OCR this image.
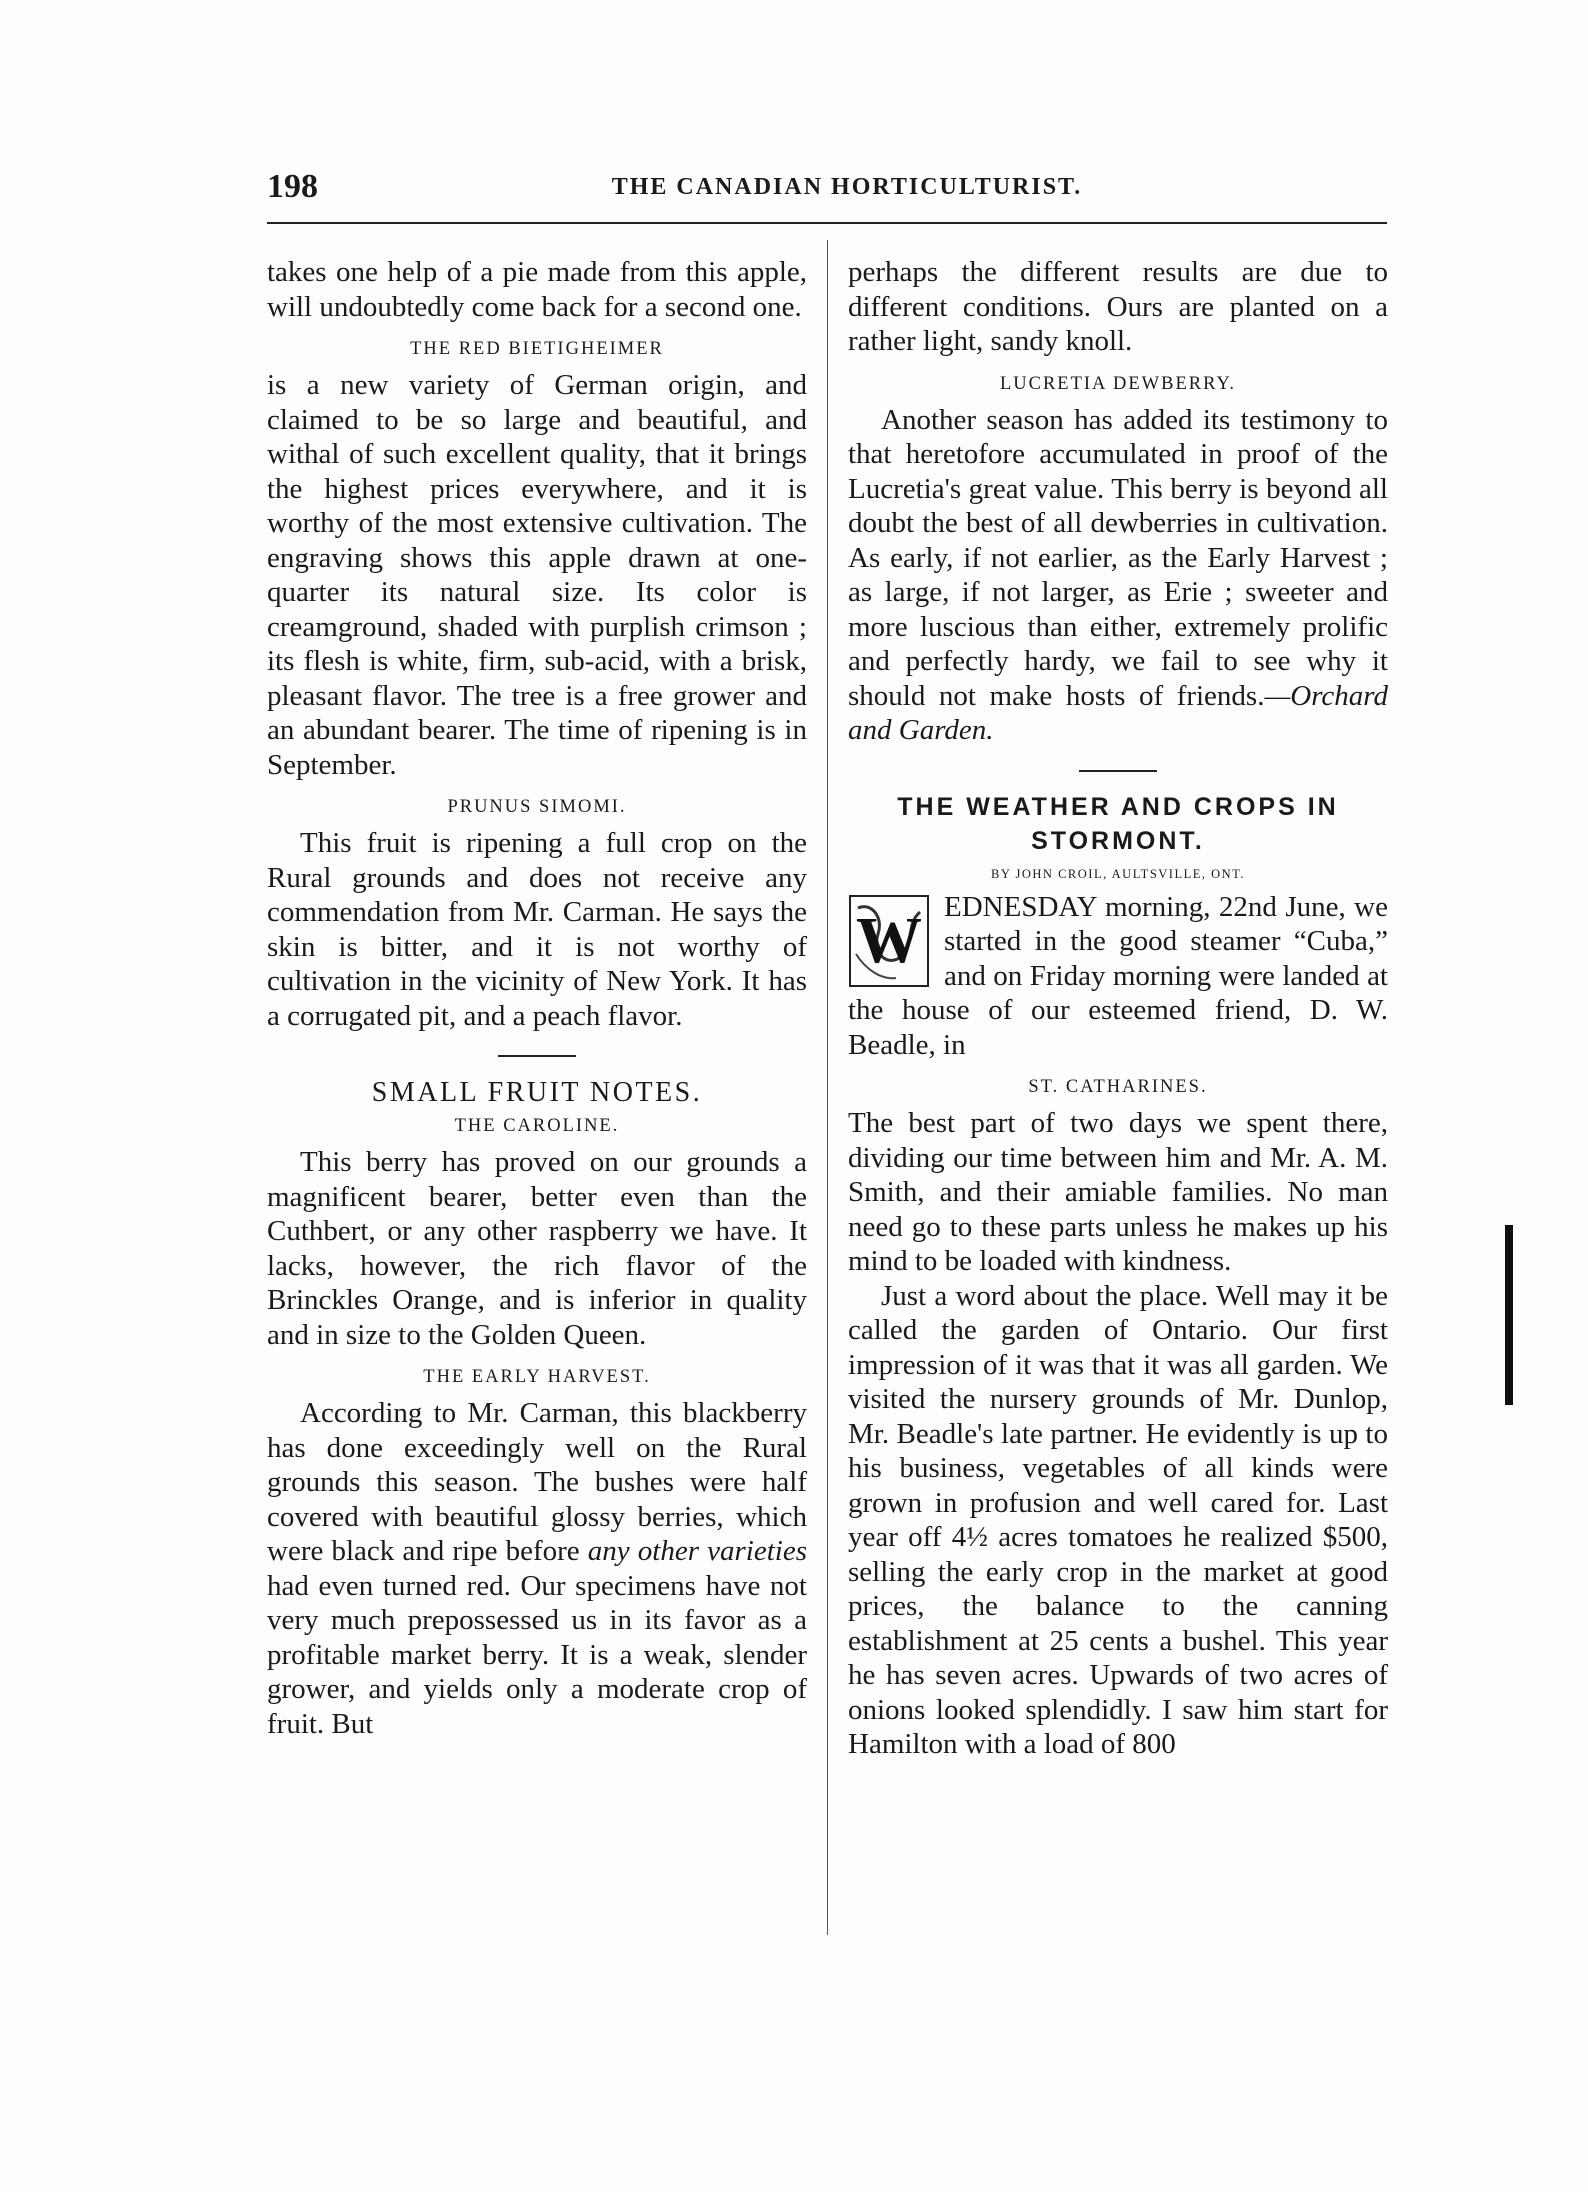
198	THE CANADIAN HORTICULTURIST.

takes one help of a pie made from this apple, will undoubtedly come back for a second one.

THE RED BIETIGHEIMER

is a new variety of German origin, and claimed to be so large and beautiful, and withal of such excellent quality, that it brings the highest prices everywhere, and it is worthy of the most extensive cultivation. The engraving shows this apple drawn at one-quarter its natural size. Its color is creamground, shaded with purplish crimson ; its flesh is white, firm, sub-acid, with a brisk, pleasant flavor. The tree is a free grower and an abundant bearer. The time of ripening is in September.

PRUNUS SIMOMI.

This fruit is ripening a full crop on the Rural grounds and does not receive any commendation from Mr. Carman. He says the skin is bitter, and it is not worthy of cultivation in the vicinity of New York. It has a corrugated pit, and a peach flavor.

SMALL FRUIT NOTES.
THE CAROLINE.

This berry has proved on our grounds a magnificent bearer, better even than the Cuthbert, or any other raspberry we have. It lacks, however, the rich flavor of the Brinckles Orange, and is inferior in quality and in size to the Golden Queen.

THE EARLY HARVEST.

According to Mr. Carman, this blackberry has done exceedingly well on the Rural grounds this season. The bushes were half covered with beautiful glossy berries, which were black and ripe before any other varieties had even turned red. Our specimens have not very much prepossessed us in its favor as a profitable market berry. It is a weak, slender grower, and yields only a moderate crop of fruit. But

perhaps the different results are due to different conditions. Ours are planted on a rather light, sandy knoll.

LUCRETIA DEWBERRY.

Another season has added its testimony to that heretofore accumulated in proof of the Lucretia's great value. This berry is beyond all doubt the best of all dewberries in cultivation. As early, if not earlier, as the Early Harvest ; as large, if not larger, as Erie ; sweeter and more luscious than either, extremely prolific and perfectly hardy, we fail to see why it should not make hosts of friends.—Orchard and Garden.

THE WEATHER AND CROPS IN
STORMONT.
BY JOHN CROIL, AULTSVILLE, ONT.

W EDNESDAY morning, 22nd June, we started in the good steamer “Cuba,” and on Friday morning were landed at the house of our esteemed friend, D. W. Beadle, in

ST. CATHARINES.

The best part of two days we spent there, dividing our time between him and Mr. A. M. Smith, and their amiable families. No man need go to these parts unless he makes up his mind to be loaded with kindness.

Just a word about the place. Well may it be called the garden of Ontario. Our first impression of it was that it was all garden. We visited the nursery grounds of Mr. Dunlop, Mr. Beadle's late partner. He evidently is up to his business, vegetables of all kinds were grown in profusion and well cared for. Last year off 4½ acres tomatoes he realized $500, selling the early crop in the market at good prices, the balance to the canning establishment at 25 cents a bushel. This year he has seven acres. Upwards of two acres of onions looked splendidly. I saw him start for Hamilton with a load of 800
